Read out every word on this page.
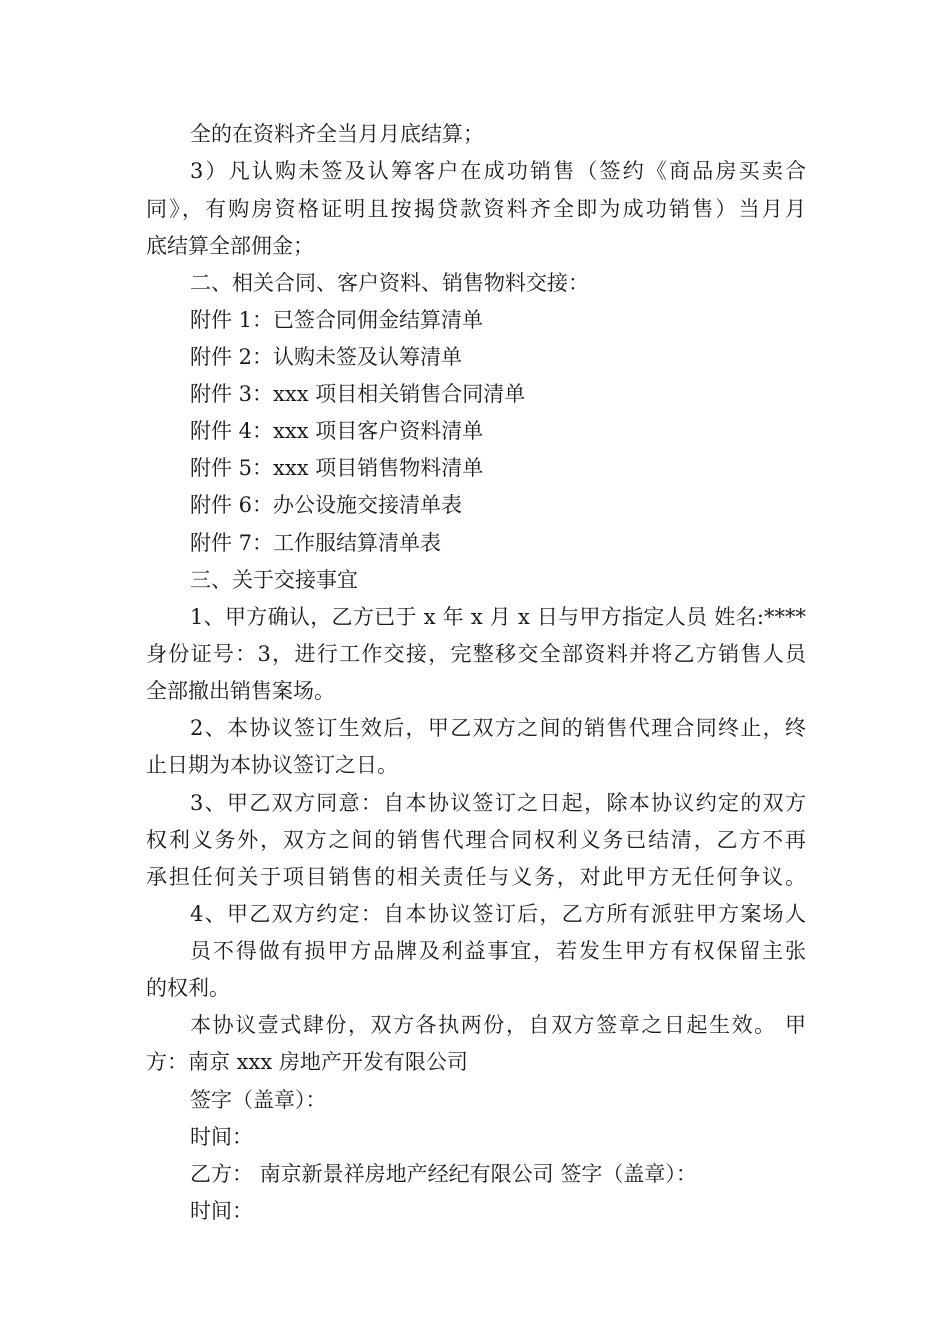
全的在资料齐全当月月底结算；
3）凡认购未签及认筹客户在成功销售（签约《商品房买卖合
同》，有购房资格证明且按揭贷款资料齐全即为成功销售）当月月
底结算全部佣金；
二、相关合同、客户资料、销售物料交接：
附件 1：已签合同佣金结算清单
附件 2：认购未签及认筹清单
附件 3：xxx 项目相关销售合同清单
附件 4：xxx 项目客户资料清单
附件 5：xxx 项目销售物料清单
附件 6：办公设施交接清单表
附件 7：工作服结算清单表
三、关于交接事宜
1、甲方确认，乙方已于 x 年 x 月 x 日与甲方指定人员 姓名:****
身份证号：3，进行工作交接，完整移交全部资料并将乙方销售人员
全部撤出销售案场。
2、本协议签订生效后，甲乙双方之间的销售代理合同终止，终
止日期为本协议签订之日。
3、甲乙双方同意：自本协议签订之日起，除本协议约定的双方
权利义务外，双方之间的销售代理合同权利义务已结清，乙方不再
承担任何关于项目销售的相关责任与义务，对此甲方无任何争议。
4、甲乙双方约定：自本协议签订后，乙方所有派驻甲方案场人
员不得做有损甲方品牌及利益事宜，若发生甲方有权保留主张
的权利。
本协议壹式肆份，双方各执两份，自双方签章之日起生效。 甲
方：南京 xxx 房地产开发有限公司
签字（盖章）：
时间：
乙方： 南京新景祥房地产经纪有限公司 签字（盖章）：
时间：
